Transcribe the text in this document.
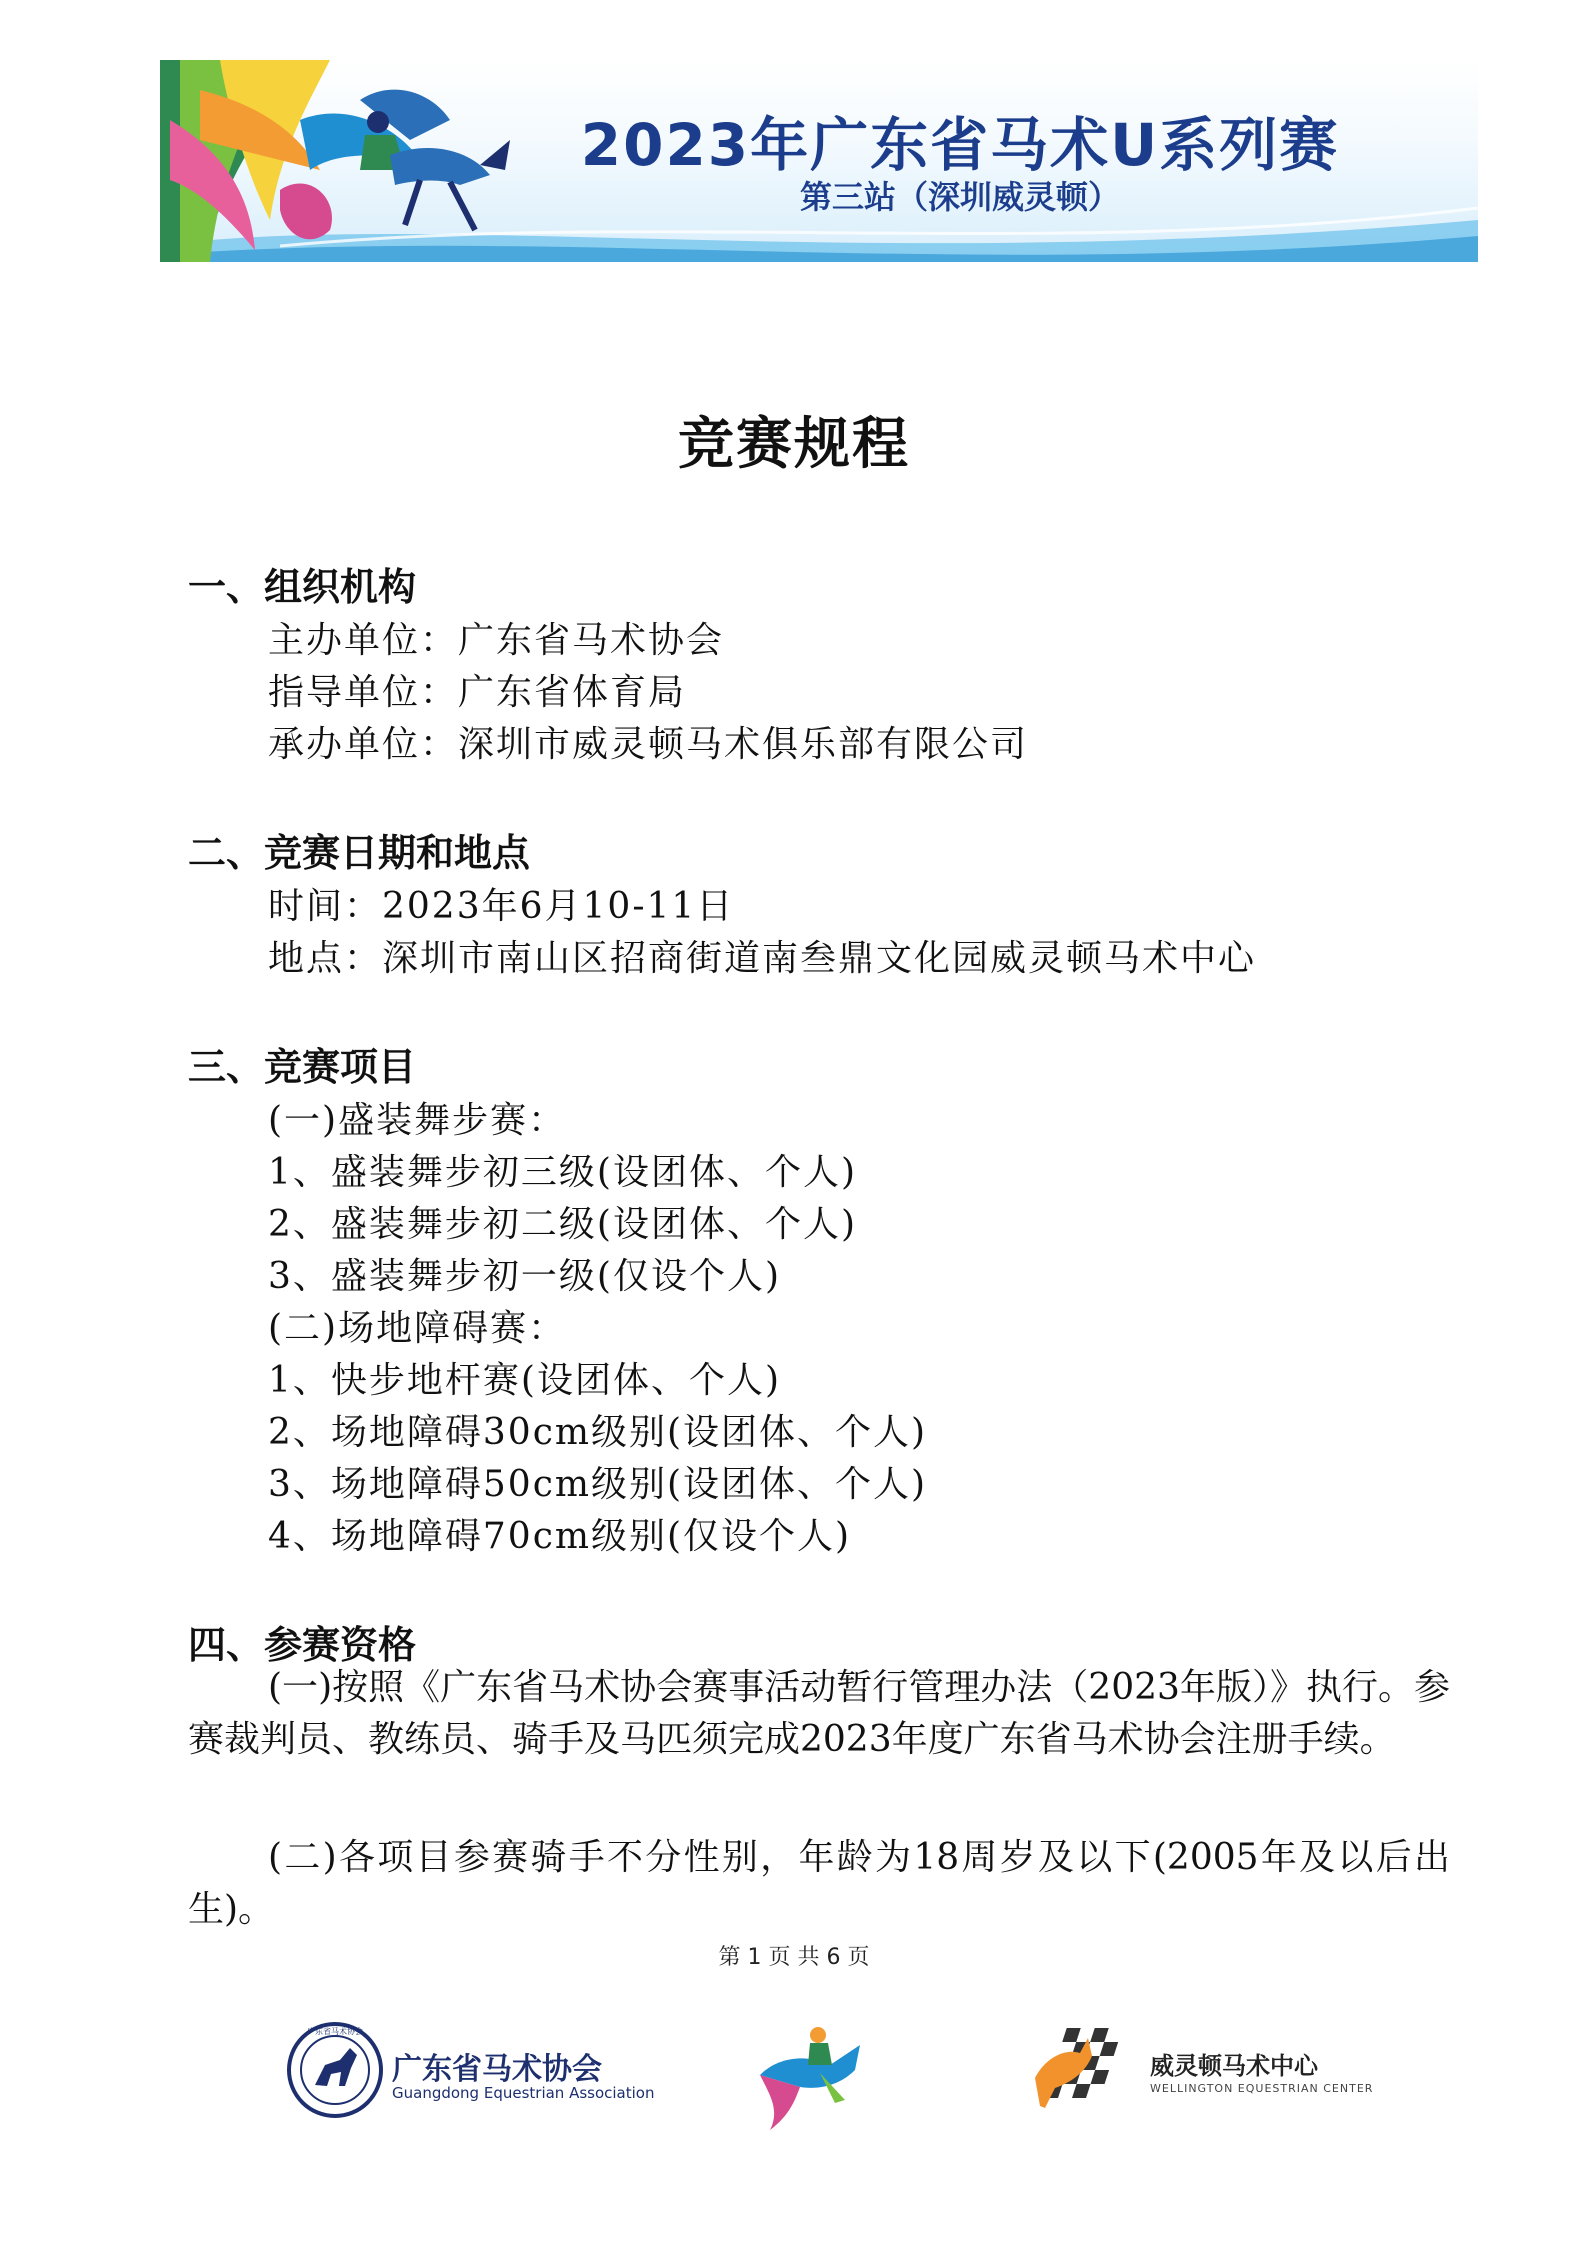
2023年广东省马术U系列赛
第三站（深圳威灵顿）
竞赛规程
一、组织机构
主办单位：广东省马术协会
指导单位：广东省体育局
承办单位：深圳市威灵顿马术俱乐部有限公司
二、竞赛日期和地点
时间：2023年6月10-11日
地点：深圳市南山区招商街道南叁鼎文化园威灵顿马术中心
三、竞赛项目
(一)盛装舞步赛：
1、盛装舞步初三级(设团体、个人)
2、盛装舞步初二级(设团体、个人)
3、盛装舞步初一级(仅设个人)
(二)场地障碍赛：
1、快步地杆赛(设团体、个人)
2、场地障碍30cm级别(设团体、个人)
3、场地障碍50cm级别(设团体、个人)
4、场地障碍70cm级别(仅设个人)
四、参赛资格
(一)按照《广东省马术协会赛事活动暂行管理办法（2023年版）》执行。参赛裁判员、教练员、骑手及马匹须完成2023年度广东省马术协会注册手续。
(二)各项目参赛骑手不分性别，年龄为18周岁及以下(2005年及以后出生)。
第 1 页 共 6 页
广东省马术协会
广东省马术协会
Guangdong Equestrian Association
威灵顿马术中心
WELLINGTON EQUESTRIAN CENTER
